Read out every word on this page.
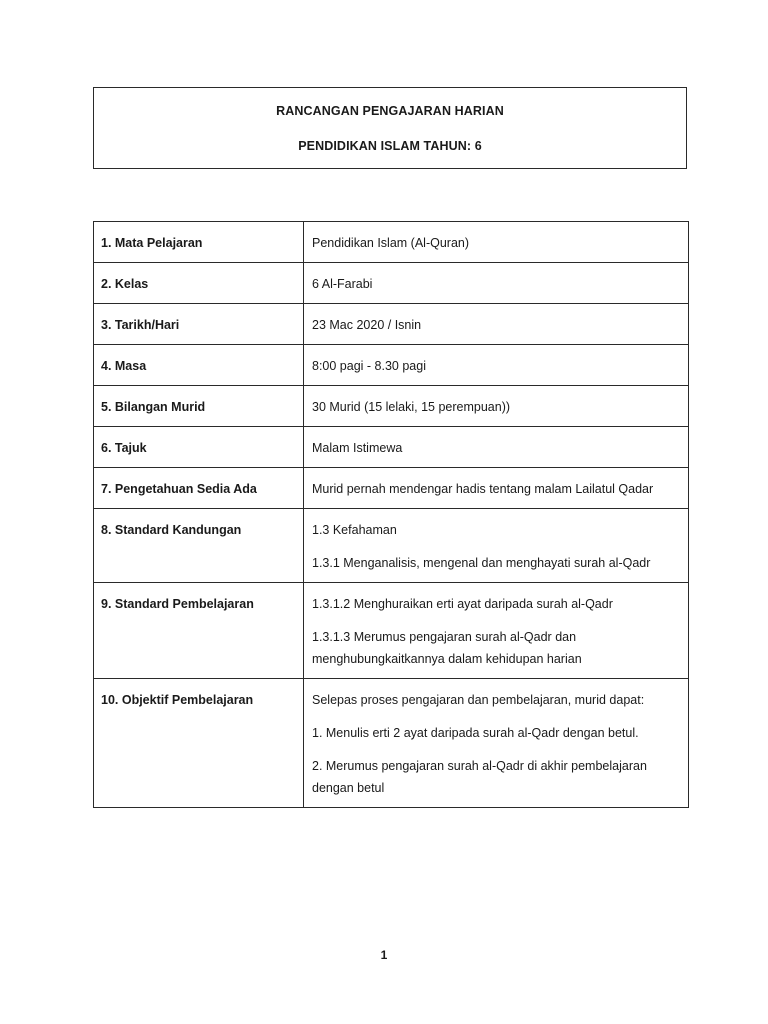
RANCANGAN PENGAJARAN HARIAN
PENDIDIKAN ISLAM TAHUN: 6
1. Mata Pelajaran	Pendidikan Islam (Al-Quran)

2. Kelas	6 Al-Farabi

3. Tarikh/Hari	23 Mac 2020 / Isnin

4. Masa	8:00 pagi - 8.30 pagi

5. Bilangan Murid	30 Murid (15 lelaki, 15 perempuan))

6. Tajuk	Malam Istimewa

7. Pengetahuan Sedia Ada	Murid pernah mendengar hadis tentang malam Lailatul Qadar

8. Standard Kandungan	1.3 Kefahaman
1.3.1 Menganalisis, mengenal dan menghayati surah al-Qadr

9. Standard Pembelajaran	1.3.1.2 Menghuraikan erti ayat daripada surah al-Qadr
1.3.1.3 Merumus pengajaran surah al-Qadr dan menghubungkaitkannya dalam kehidupan harian

10. Objektif Pembelajaran	Selepas proses pengajaran dan pembelajaran, murid dapat:
1. Menulis erti 2 ayat daripada surah al-Qadr dengan betul.
2. Merumus pengajaran surah al-Qadr di akhir pembelajaran dengan betul
1
